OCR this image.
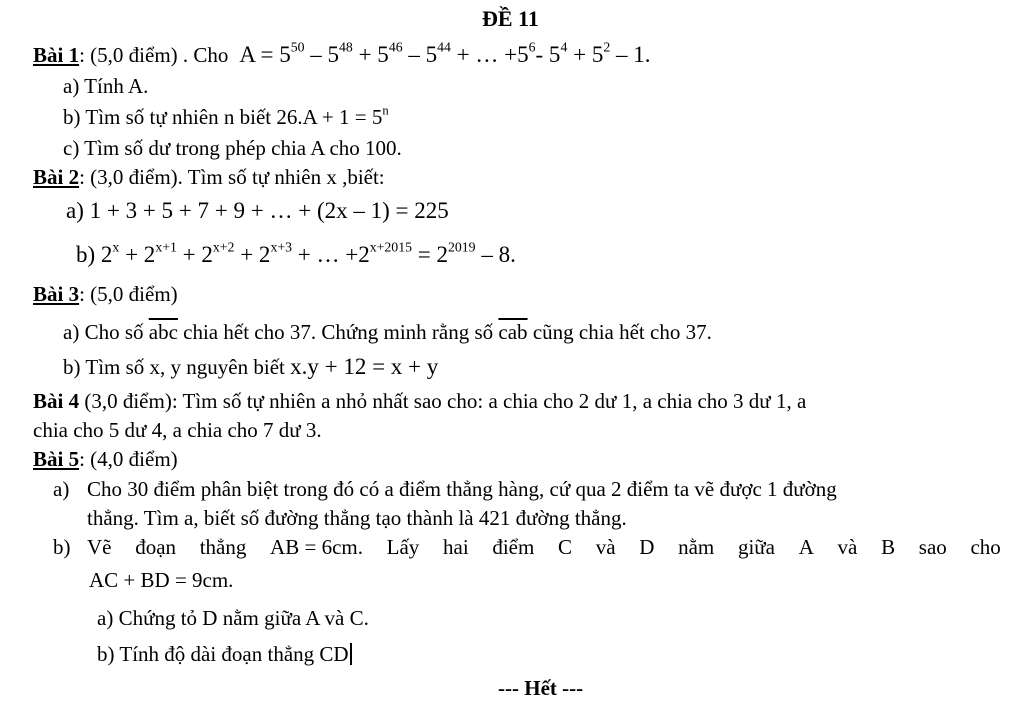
ĐỀ 11
Bài 1: (5,0 điểm) . Cho $A = 5^{50} - 5^{48} + 5^{46} - 5^{44}$ + … $+5^6-$ $5^4 + 5^2 - 1$.
a) Tính A.
b) Tìm số tự nhiên n biết $26.A + 1 = 5^n$
c) Tìm số dư trong phép chia A cho 100.
Bài 2: (3,0 điểm). Tìm số tự nhiên x ,biết:
a) 1 + 3 + 5 + 7 + 9 + … + (2x – 1) = 225
b) $2^x + 2^{x+1} + 2^{x+2} + 2^{x+3}$ + … $+2^{x+2015} = 2^{2019} - 8$.
Bài 3: (5,0 điểm)
a) Cho số $\overline{abc}$ chia hết cho 37. Chứng minh rằng số $\overline{cab}$ cũng chia hết cho 37.
b) Tìm số x, y nguyên biết x.y + 12 = x + y
Bài 4 (3,0 điểm): Tìm số tự nhiên a nhỏ nhất sao cho: a chia cho 2 dư 1, a chia cho 3 dư 1, a
chia cho 5 dư 4, a chia cho 7 dư 3.
Bài 5: (4,0 điểm)
a) Cho 30 điểm phân biệt trong đó có a điểm thẳng hàng, cứ qua 2 điểm ta vẽ được 1 đường
thẳng. Tìm a, biết số đường thẳng tạo thành là 421 đường thẳng.
b) Vẽ đoạn thẳng AB = 6cm. Lấy hai điểm C và D nằm giữa A và B sao cho
AC + BD = 9cm.
a) Chứng tỏ D nằm giữa A và C.
b) Tính độ dài đoạn thẳng CD
--- Hết ---
